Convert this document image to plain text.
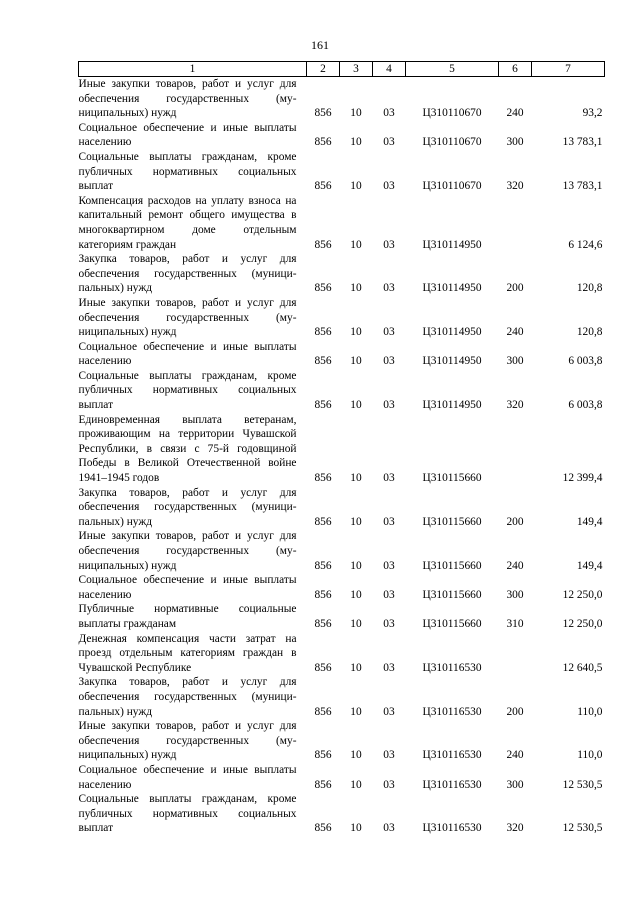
161
1	2	3	4	5	6	7
Иные закупки товаров, работ и услуг для обеспечения государственных (муниципальных) нужд	856	10	03	Ц310110670	240	93,2
Социальное обеспечение и иные выплаты населению	856	10	03	Ц310110670	300	13 783,1
Социальные выплаты гражданам, кроме публичных нормативных социальных выплат	856	10	03	Ц310110670	320	13 783,1
Компенсация расходов на уплату взноса на капитальный ремонт общего имущества в многоквартирном доме отдельным категориям граждан	856	10	03	Ц310114950		6 124,6
Закупка товаров, работ и услуг для обеспечения государственных (муниципальных) нужд	856	10	03	Ц310114950	200	120,8
Иные закупки товаров, работ и услуг для обеспечения государственных (муниципальных) нужд	856	10	03	Ц310114950	240	120,8
Социальное обеспечение и иные выплаты населению	856	10	03	Ц310114950	300	6 003,8
Социальные выплаты гражданам, кроме публичных нормативных социальных выплат	856	10	03	Ц310114950	320	6 003,8
Единовременная выплата ветеранам, проживающим на территории Чувашской Республики, в связи с 75-й годовщиной Победы в Великой Отечественной войне 1941–1945 годов	856	10	03	Ц310115660		12 399,4
Закупка товаров, работ и услуг для обеспечения государственных (муниципальных) нужд	856	10	03	Ц310115660	200	149,4
Иные закупки товаров, работ и услуг для обеспечения государственных (муниципальных) нужд	856	10	03	Ц310115660	240	149,4
Социальное обеспечение и иные выплаты населению	856	10	03	Ц310115660	300	12 250,0
Публичные нормативные социальные выплаты гражданам	856	10	03	Ц310115660	310	12 250,0
Денежная компенсация части затрат на проезд отдельным категориям граждан в Чувашской Республике	856	10	03	Ц310116530		12 640,5
Закупка товаров, работ и услуг для обеспечения государственных (муниципальных) нужд	856	10	03	Ц310116530	200	110,0
Иные закупки товаров, работ и услуг для обеспечения государственных (муниципальных) нужд	856	10	03	Ц310116530	240	110,0
Социальное обеспечение и иные выплаты населению	856	10	03	Ц310116530	300	12 530,5
Социальные выплаты гражданам, кроме публичных нормативных социальных выплат	856	10	03	Ц310116530	320	12 530,5
